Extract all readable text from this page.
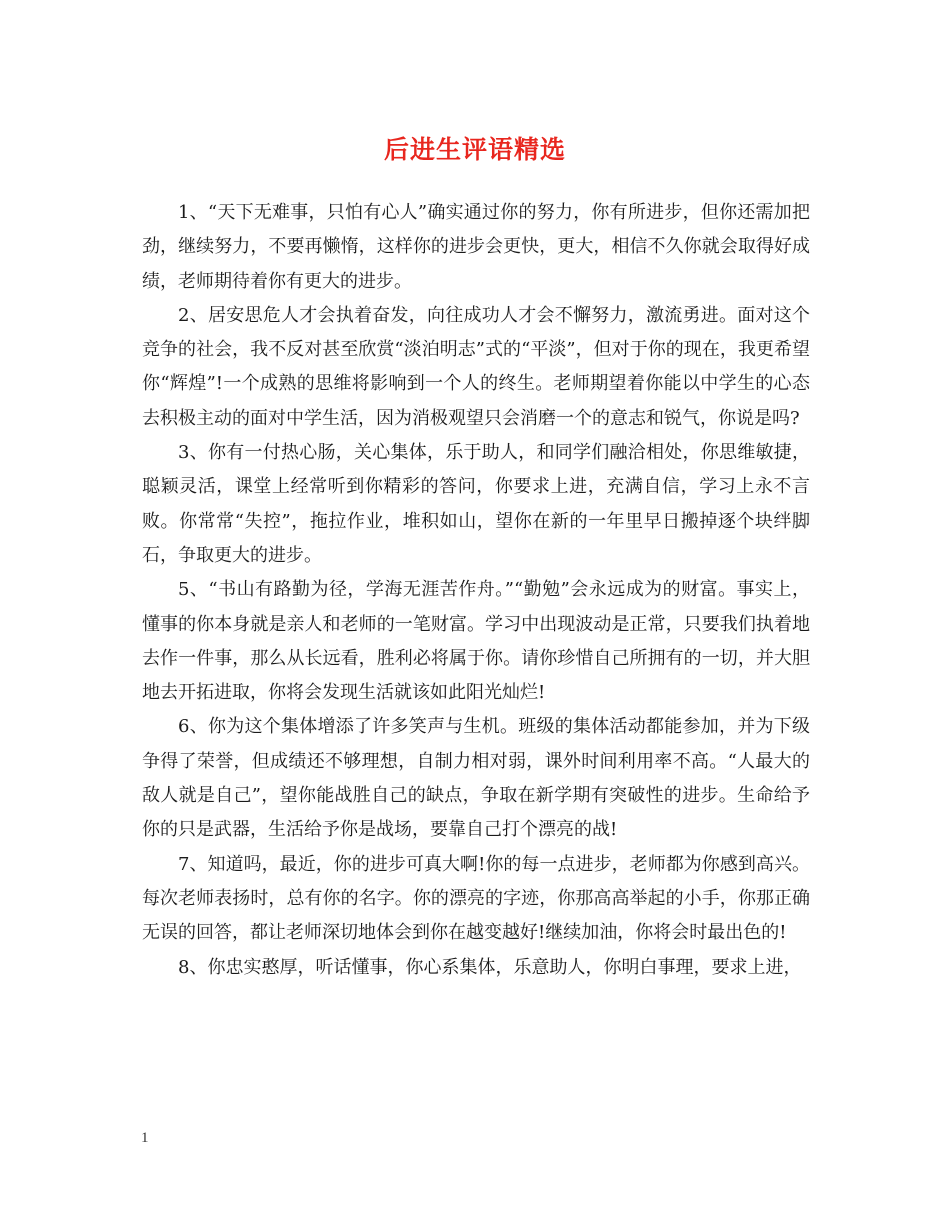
后进生评语精选

1、“天下无难事，只怕有心人”确实通过你的努力，你有所进步，但你还需加把劲，继续努力，不要再懒惰，这样你的进步会更快，更大，相信不久你就会取得好成绩，老师期待着你有更大的进步。

2、居安思危人才会执着奋发，向往成功人才会不懈努力，激流勇进。面对这个竞争的社会，我不反对甚至欣赏“淡泊明志”式的“平淡”，但对于你的现在，我更希望你“辉煌”!一个成熟的思维将影响到一个人的终生。老师期望着你能以中学生的心态去积极主动的面对中学生活，因为消极观望只会消磨一个的意志和锐气，你说是吗?

3、你有一付热心肠，关心集体，乐于助人，和同学们融洽相处，你思维敏捷，聪颖灵活，课堂上经常听到你精彩的答问，你要求上进，充满自信，学习上永不言败。你常常“失控”，拖拉作业，堆积如山，望你在新的一年里早日搬掉逐个块绊脚石，争取更大的进步。

5、“书山有路勤为径，学海无涯苦作舟。”“勤勉”会永远成为的财富。事实上，懂事的你本身就是亲人和老师的一笔财富。学习中出现波动是正常，只要我们执着地去作一件事，那么从长远看，胜利必将属于你。请你珍惜自己所拥有的一切，并大胆地去开拓进取，你将会发现生活就该如此阳光灿烂!

6、你为这个集体增添了许多笑声与生机。班级的集体活动都能参加，并为下级争得了荣誉，但成绩还不够理想，自制力相对弱，课外时间利用率不高。“人最大的敌人就是自己”，望你能战胜自己的缺点，争取在新学期有突破性的进步。生命给予你的只是武器，生活给予你是战场，要靠自己打个漂亮的战!

7、知道吗，最近，你的进步可真大啊!你的每一点进步，老师都为你感到高兴。每次老师表扬时，总有你的名字。你的漂亮的字迹，你那高高举起的小手，你那正确无误的回答，都让老师深切地体会到你在越变越好!继续加油，你将会时最出色的!

8、你忠实憨厚，听话懂事，你心系集体，乐意助人，你明白事理，要求上进，

1
